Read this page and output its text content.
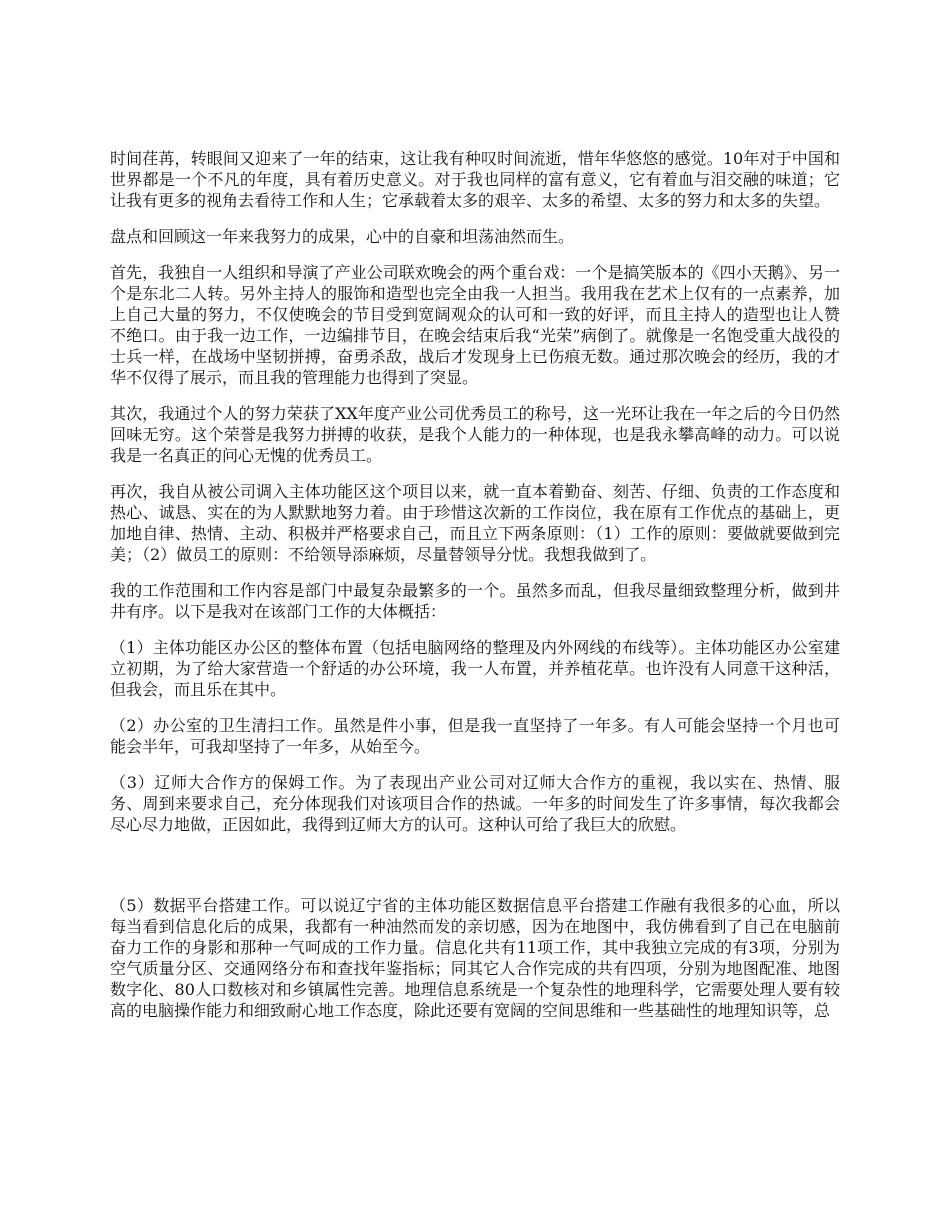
时间荏苒，转眼间又迎来了一年的结束，这让我有种叹时间流逝，惜年华悠悠的感觉。10年对于中国和世界都是一个不凡的年度，具有着历史意义。对于我也同样的富有意义，它有着血与泪交融的味道；它让我有更多的视角去看待工作和人生；它承载着太多的艰辛、太多的希望、太多的努力和太多的失望。

盘点和回顾这一年来我努力的成果，心中的自豪和坦荡油然而生。

首先，我独自一人组织和导演了产业公司联欢晚会的两个重台戏：一个是搞笑版本的《四小天鹅》、另一个是东北二人转。另外主持人的服饰和造型也完全由我一人担当。我用我在艺术上仅有的一点素养，加上自己大量的努力，不仅使晚会的节目受到宽阔观众的认可和一致的好评，而且主持人的造型也让人赞不绝口。由于我一边工作，一边编排节目，在晚会结束后我“光荣”病倒了。就像是一名饱受重大战役的士兵一样，在战场中坚韧拼搏，奋勇杀敌，战后才发现身上已伤痕无数。通过那次晚会的经历，我的才华不仅得了展示，而且我的管理能力也得到了突显。

其次，我通过个人的努力荣获了XX年度产业公司优秀员工的称号，这一光环让我在一年之后的今日仍然回味无穷。这个荣誉是我努力拼搏的收获，是我个人能力的一种体现，也是我永攀高峰的动力。可以说我是一名真正的问心无愧的优秀员工。

再次，我自从被公司调入主体功能区这个项目以来，就一直本着勤奋、刻苦、仔细、负责的工作态度和热心、诚恳、实在的为人默默地努力着。由于珍惜这次新的工作岗位，我在原有工作优点的基础上，更加地自律、热情、主动、积极并严格要求自己，而且立下两条原则：（1）工作的原则：要做就要做到完美；（2）做员工的原则：不给领导添麻烦，尽量替领导分忧。我想我做到了。

我的工作范围和工作内容是部门中最复杂最繁多的一个。虽然多而乱，但我尽量细致整理分析，做到井井有序。以下是我对在该部门工作的大体概括：

（1）主体功能区办公区的整体布置（包括电脑网络的整理及内外网线的布线等）。主体功能区办公室建立初期，为了给大家营造一个舒适的办公环境，我一人布置，并养植花草。也许没有人同意干这种活，但我会，而且乐在其中。

（2）办公室的卫生清扫工作。虽然是件小事，但是我一直坚持了一年多。有人可能会坚持一个月也可能会半年，可我却坚持了一年多，从始至今。

（3）辽师大合作方的保姆工作。为了表现出产业公司对辽师大合作方的重视，我以实在、热情、服务、周到来要求自己，充分体现我们对该项目合作的热诚。一年多的时间发生了许多事情，每次我都会尽心尽力地做，正因如此，我得到辽师大方的认可。这种认可给了我巨大的欣慰。

（5）数据平台搭建工作。可以说辽宁省的主体功能区数据信息平台搭建工作融有我很多的心血，所以每当看到信息化后的成果，我都有一种油然而发的亲切感，因为在地图中，我仿佛看到了自己在电脑前奋力工作的身影和那种一气呵成的工作力量。信息化共有11项工作，其中我独立完成的有3项，分别为空气质量分区、交通网络分布和查找年鉴指标；同其它人合作完成的共有四项，分别为地图配准、地图数字化、80人口数核对和乡镇属性完善。地理信息系统是一个复杂性的地理科学，它需要处理人要有较高的电脑操作能力和细致耐心地工作态度，除此还要有宽阔的空间思维和一些基础性的地理知识等，总
